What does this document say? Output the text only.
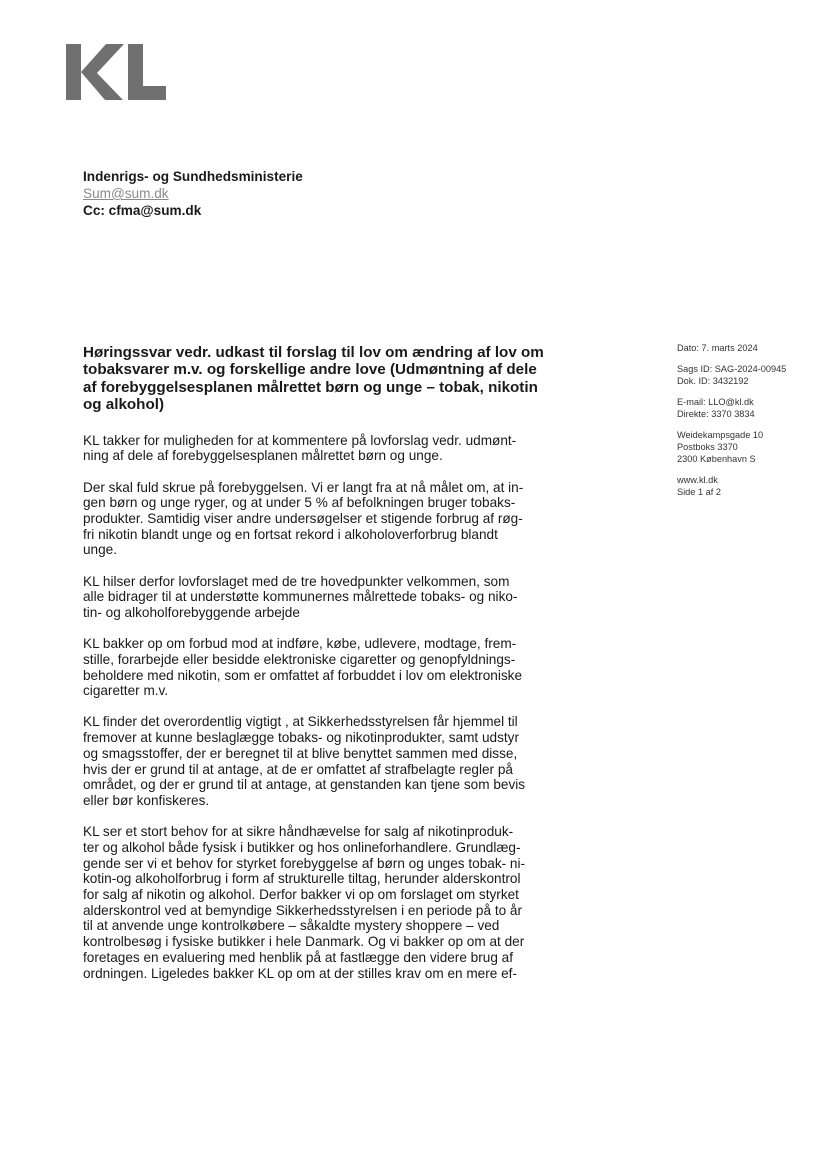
Indenrigs- og Sundhedsministerie
Sum@sum.dk
Cc: cfma@sum.dk
Dato: 7. marts 2024
Sags ID: SAG-2024-00945
Dok. ID: 3432192
E-mail: LLO@kl.dk
Direkte: 3370 3834
Weidekampsgade 10
Postboks 3370
2300 København S
www.kl.dk
Side 1 af 2
Høringssvar vedr. udkast til forslag til lov om ændring af lov om
tobaksvarer m.v. og forskellige andre love (Udmøntning af dele
af forebyggelsesplanen målrettet børn og unge – tobak, nikotin
og alkohol)
KL takker for muligheden for at kommentere på lovforslag vedr. udmønt-
ning af dele af forebyggelsesplanen målrettet børn og unge.
Der skal fuld skrue på forebyggelsen. Vi er langt fra at nå målet om, at in-
gen børn og unge ryger, og at under 5 % af befolkningen bruger tobaks-
produkter. Samtidig viser andre undersøgelser et stigende forbrug af røg-
fri nikotin blandt unge og en fortsat rekord i alkoholoverforbrug blandt
unge.
KL hilser derfor lovforslaget med de tre hovedpunkter velkommen, som
alle bidrager til at understøtte kommunernes målrettede tobaks- og niko-
tin- og alkoholforebyggende arbejde
KL bakker op om forbud mod at indføre, købe, udlevere, modtage, frem-
stille, forarbejde eller besidde elektroniske cigaretter og genopfyldnings-
beholdere med nikotin, som er omfattet af forbuddet i lov om elektroniske
cigaretter m.v.
KL finder det overordentlig vigtigt , at Sikkerhedsstyrelsen får hjemmel til
fremover at kunne beslaglægge tobaks- og nikotinprodukter, samt udstyr
og smagsstoffer, der er beregnet til at blive benyttet sammen med disse,
hvis der er grund til at antage, at de er omfattet af strafbelagte regler på
området, og der er grund til at antage, at genstanden kan tjene som bevis
eller bør konfiskeres.
KL ser et stort behov for at sikre håndhævelse for salg af nikotinproduk-
ter og alkohol både fysisk i butikker og hos onlineforhandlere. Grundlæg-
gende ser vi et behov for styrket forebyggelse af børn og unges tobak- ni-
kotin-og alkoholforbrug i form af strukturelle tiltag, herunder alderskontrol
for salg af nikotin og alkohol. Derfor bakker vi op om forslaget om styrket
alderskontrol ved at bemyndige Sikkerhedsstyrelsen i en periode på to år
til at anvende unge kontrolkøbere – såkaldte mystery shoppere – ved
kontrolbesøg i fysiske butikker i hele Danmark. Og vi bakker op om at der
foretages en evaluering med henblik på at fastlægge den videre brug af
ordningen. Ligeledes bakker KL op om at der stilles krav om en mere ef-
